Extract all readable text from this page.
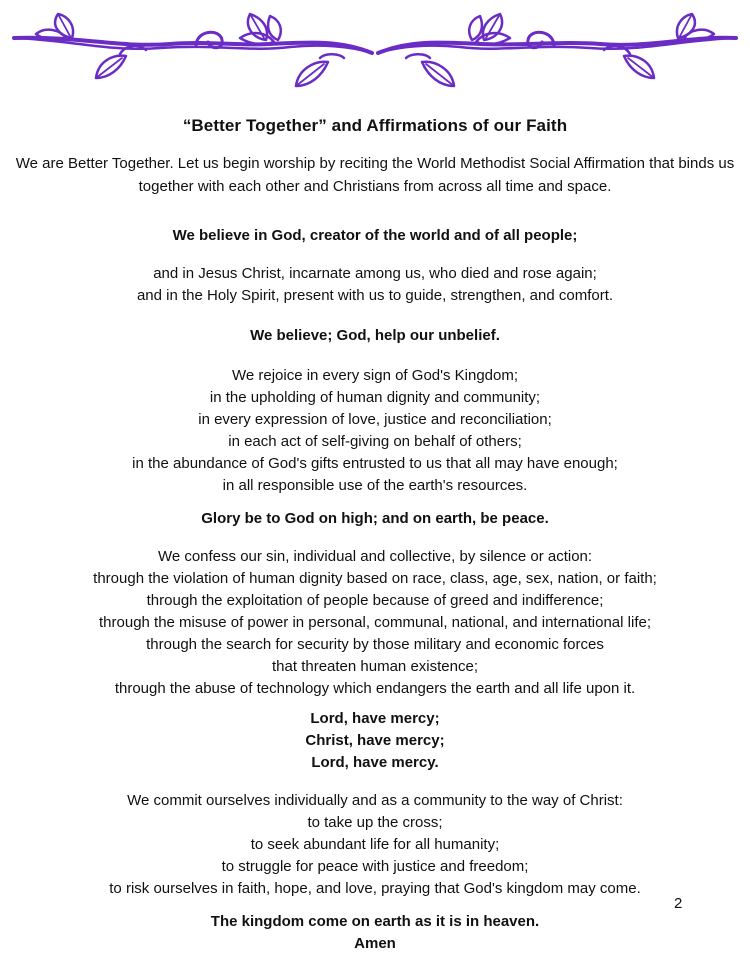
“Better Together” and Affirmations of our Faith
We are Better Together. Let us begin worship by reciting the World Methodist Social Affirmation that binds us
together with each other and Christians from across all time and space.
We believe in God, creator of the world and of all people;
and in Jesus Christ, incarnate among us, who died and rose again;
and in the Holy Spirit, present with us to guide, strengthen, and comfort.
We believe; God, help our unbelief.
We rejoice in every sign of God's Kingdom;
in the upholding of human dignity and community;
in every expression of love, justice and reconciliation;
in each act of self-giving on behalf of others;
in the abundance of God's gifts entrusted to us that all may have enough;
in all responsible use of the earth's resources.
Glory be to God on high; and on earth, be peace.
We confess our sin, individual and collective, by silence or action:
through the violation of human dignity based on race, class, age, sex, nation, or faith;
through the exploitation of people because of greed and indifference;
through the misuse of power in personal, communal, national, and international life;
through the search for security by those military and economic forces
that threaten human existence;
through the abuse of technology which endangers the earth and all life upon it.
Lord, have mercy;
Christ, have mercy;
Lord, have mercy.
We commit ourselves individually and as a community to the way of Christ:
to take up the cross;
to seek abundant life for all humanity;
to struggle for peace with justice and freedom;
to risk ourselves in faith, hope, and love, praying that God's kingdom may come.
2
The kingdom come on earth as it is in heaven.
Amen
